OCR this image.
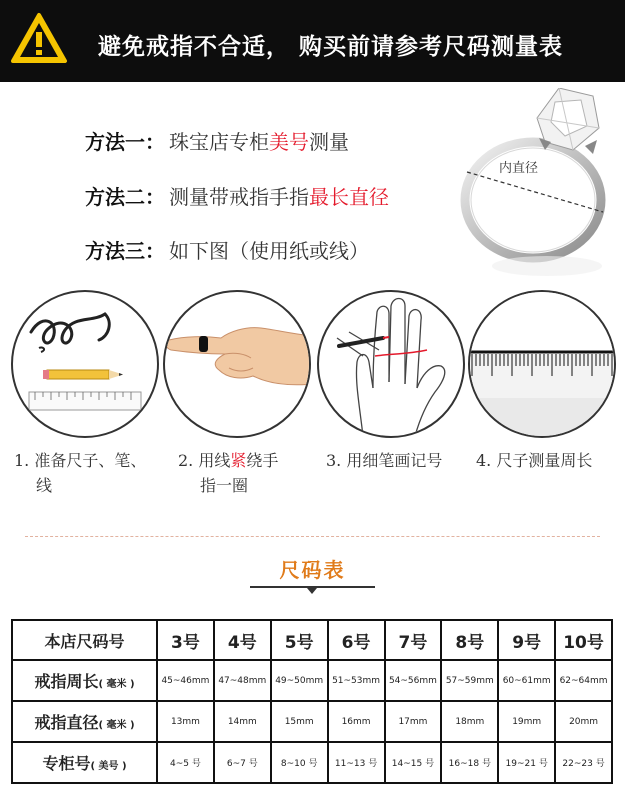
避免戒指不合适， 购买前请参考尺码测量表
方法一： 珠宝店专柜美号测量
方法二： 测量带戒指手指最长直径
方法三： 如下图（使用纸或线）
内直径
1. 准备尺子、笔、
线
2. 用线紧绕手
指一圈
3. 用细笔画记号 4. 尺子测量周长
尺码表
本店尺码号	3号	4号	5号	6号	7号	8号	9号	10号
戒指周长( 毫米 )	45~46mm	47~48mm	49~50mm	51~53mm	54~56mm	57~59mm	60~61mm	62~64mm
戒指直径( 毫米 )	13mm	14mm	15mm	16mm	17mm	18mm	19mm	20mm
专柜号( 美号 )	4~5 号	6~7 号	8~10 号	11~13 号	14~15 号	16~18 号	19~21 号	22~23 号
